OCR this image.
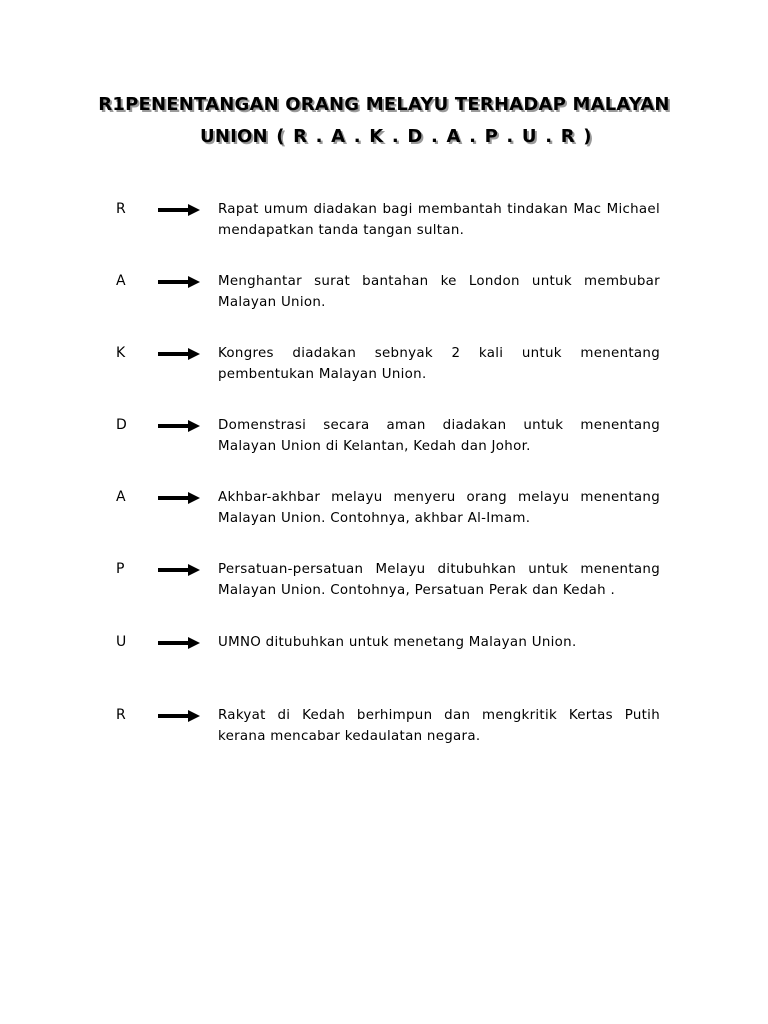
R1PENENTANGAN ORANG MELAYU TERHADAP MALAYAN
UNION ( R . A . K . D . A . P . U . R )
R	Rapat umum diadakan bagi membantah tindakan Mac Michael mendapatkan tanda tangan sultan.
A	Menghantar surat bantahan ke London untuk membubar Malayan Union.
K	Kongres diadakan sebnyak 2 kali untuk menentang pembentukan Malayan Union.
D	Domenstrasi secara aman diadakan untuk menentang Malayan Union di Kelantan, Kedah dan Johor.
A	Akhbar-akhbar melayu menyeru orang melayu menentang Malayan Union. Contohnya, akhbar Al-Imam.
P	Persatuan-persatuan Melayu ditubuhkan untuk menentang Malayan Union. Contohnya, Persatuan Perak dan Kedah .
U	UMNO ditubuhkan untuk menetang Malayan Union.
R	Rakyat di Kedah berhimpun dan mengkritik Kertas Putih kerana mencabar kedaulatan negara.
